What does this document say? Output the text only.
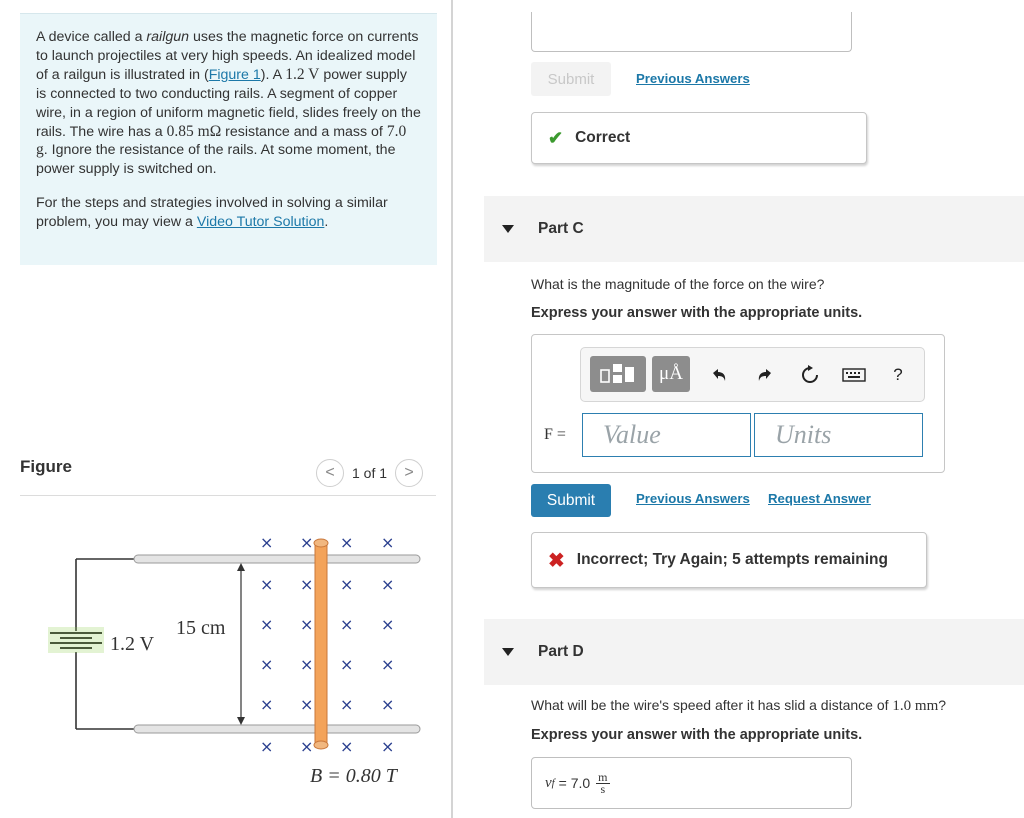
A device called a railgun uses the magnetic force on currents to launch projectiles at very high speeds. An idealized model of a railgun is illustrated in (Figure 1). A 1.2 V power supply is connected to two conducting rails. A segment of copper wire, in a region of uniform magnetic field, slides freely on the rails. The wire has a 0.85 mΩ resistance and a mass of 7.0 g. Ignore the resistance of the rails. At some moment, the power supply is switched on.

For the steps and strategies involved in solving a similar problem, you may view a Video Tutor Solution.

Figure	<	1 of 1	>
1.2 V
15 cm
× × × ×
× × × ×
× × × ×
× × × ×
× × × ×
× × × ×
B = 0.80 T
Submit	Previous Answers
✔ Correct
Part C
What is the magnitude of the force on the wire?
Express your answer with the appropriate units.
μÅ	?
F =	Value	Units
Submit	Previous Answers Request Answer
✖ Incorrect; Try Again; 5 attempts remaining
Part D
What will be the wire's speed after it has slid a distance of 1.0 mm?
Express your answer with the appropriate units.
v $f = 7.0 \frac{m}{s}$
